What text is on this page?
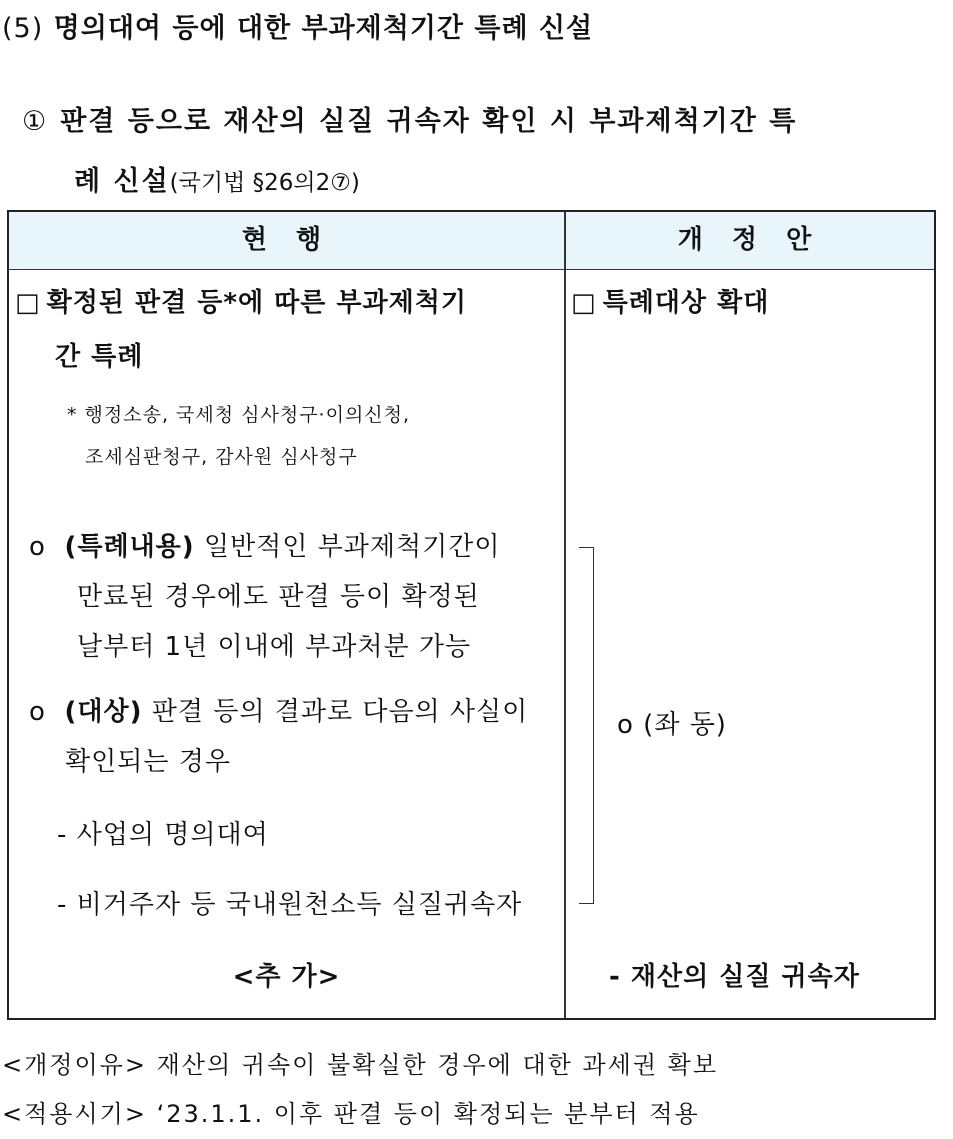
(5) 명의대여 등에 대한 부과제척기간 특례 신설
① 판결 등으로 재산의 실질 귀속자 확인 시 부과제척기간 특
례 신설(국기법 §26의2⑦)
현 행	개 정 안
□ 확정된 판결 등*에 따른 부과제척기
간 특례
* 행정소송, 국세청 심사청구·이의신청,
조세심판청구, 감사원 심사청구
o (특례내용) 일반적인 부과제척기간이
만료된 경우에도 판결 등이 확정된
날부터 1년 이내에 부과처분 가능
o (대상) 판결 등의 결과로 다음의 사실이
확인되는 경우
- 사업의 명의대여
- 비거주자 등 국내원천소득 실질귀속자
<추 가>
□ 특례대상 확대
o (좌 동)
- 재산의 실질 귀속자
<개정이유> 재산의 귀속이 불확실한 경우에 대한 과세권 확보
<적용시기> ‘23.1.1. 이후 판결 등이 확정되는 분부터 적용
